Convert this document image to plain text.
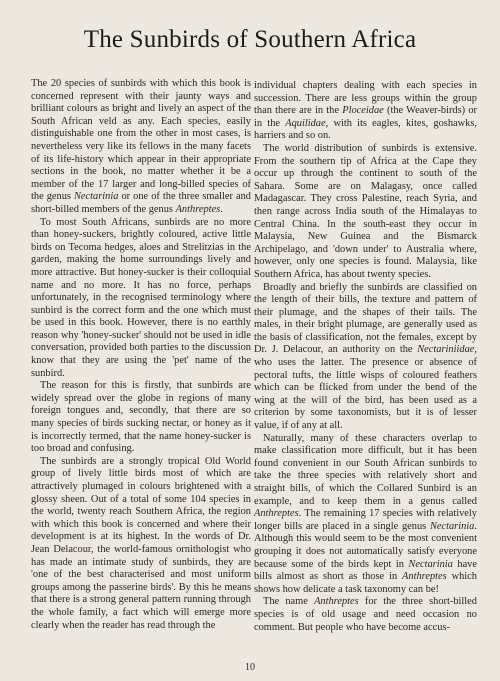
The Sunbirds of Southern Africa

The 20 species of sunbirds with which this book is concerned represent with their jaunty ways and brilliant colours as bright and lively an aspect of the South African veld as any. Each species, easily distinguishable one from the other in most cases, is nevertheless very like its fellows in the many facets of its life-history which appear in their appropriate sections in the book, no matter whether it be a member of the 17 larger and long-billed species of the genus Nectarinia or one of the three smaller and short-billed members of the genus Anthreptes.

To most South Africans, sunbirds are no more than honey-suckers, brightly coloured, active little birds on Tecoma hedges, aloes and Strelitzias in the garden, making the home surroundings lively and more attractive. But honey-sucker is their colloquial name and no more. It has no force, perhaps unfortunately, in the recognised terminology where sunbird is the correct form and the one which must be used in this book. However, there is no earthly reason why 'honey-sucker' should not be used in idle conversation, provided both parties to the discussion know that they are using the 'pet' name of the sunbird.

The reason for this is firstly, that sunbirds are widely spread over the globe in regions of many foreign tongues and, secondly, that there are so many species of birds sucking nectar, or honey as it is incorrectly termed, that the name honey-sucker is too broad and confusing.

The sunbirds are a strongly tropical Old World group of lively little birds most of which are attractively plumaged in colours brightened with a glossy sheen. Out of a total of some 104 species in the world, twenty reach Southern Africa, the region with which this book is concerned and where their development is at its highest. In the words of Dr. Jean Delacour, the world-famous ornithologist who has made an intimate study of sunbirds, they are 'one of the best characterised and most uniform groups among the passerine birds'. By this he means that there is a strong general pattern running through the whole family, a fact which will emerge more clearly when the reader has read through the

individual chapters dealing with each species in succession. There are less groups within the group than there are in the Ploceidae (the Weaver-birds) or in the Aquilidae, with its eagles, kites, goshawks, harriers and so on.

The world distribution of sunbirds is extensive. From the southern tip of Africa at the Cape they occur up through the continent to south of the Sahara. Some are on Malagasy, once called Madagascar. They cross Palestine, reach Syria, and then range across India south of the Himalayas to Central China. In the south-east they occur in Malaysia, New Guinea and the Bismarck Archipelago, and 'down under' to Australia where, however, only one species is found. Malaysia, like Southern Africa, has about twenty species.

Broadly and briefly the sunbirds are classified on the length of their bills, the texture and pattern of their plumage, and the shapes of their tails. The males, in their bright plumage, are generally used as the basis of classification, not the females, except by Dr. J. Delacour, an authority on the Nectariniidae, who uses the latter. The presence or absence of pectoral tufts, the little wisps of coloured feathers which can be flicked from under the bend of the wing at the will of the bird, has been used as a criterion by some taxonomists, but it is of lesser value, if of any at all.

Naturally, many of these characters overlap to make classification more difficult, but it has been found convenient in our South African sunbirds to take the three species with relatively short and straight bills, of which the Collared Sunbird is an example, and to keep them in a genus called Anthreptes. The remaining 17 species with relatively longer bills are placed in a single genus Nectarinia. Although this would seem to be the most convenient grouping it does not automatically satisfy everyone because some of the birds kept in Nectarinia have bills almost as short as those in Anthreptes which shows how delicate a task taxonomy can be!

The name Anthreptes for the three short-billed species is of old usage and need occasion no comment. But people who have become accus-

10
